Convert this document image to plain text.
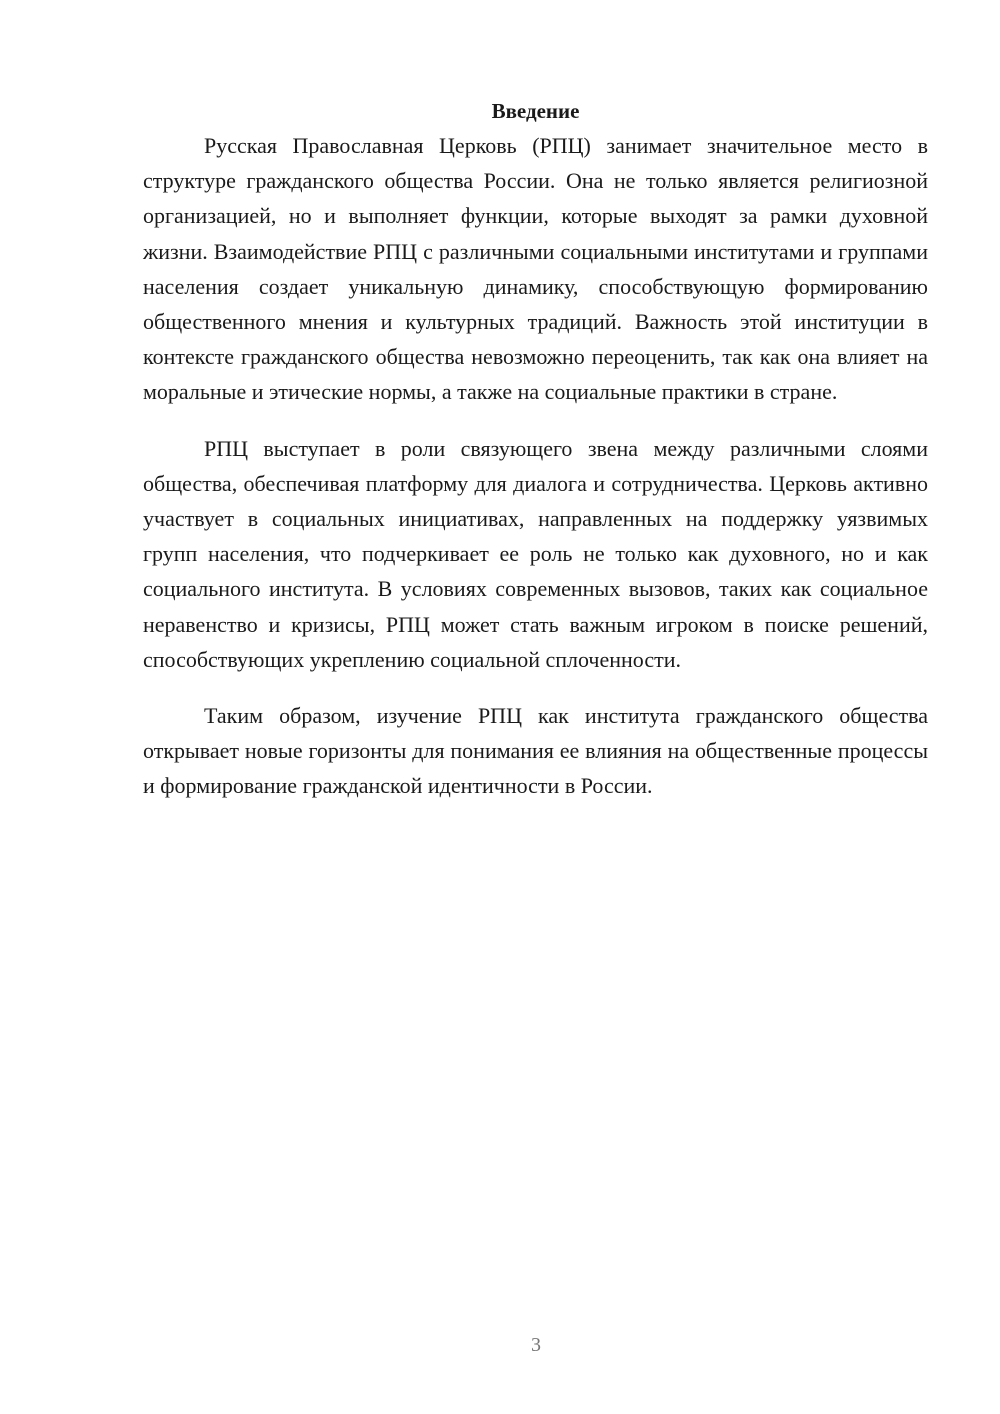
Введение

Русская Православная Церковь (РПЦ) занимает значительное место в структуре гражданского общества России. Она не только является религиозной организацией, но и выполняет функции, которые выходят за рамки духовной жизни. Взаимодействие РПЦ с различными социальными институтами и группами населения создает уникальную динамику, способствующую формированию общественного мнения и культурных традиций. Важность этой институции в контексте гражданского общества невозможно переоценить, так как она влияет на моральные и этические нормы, а также на социальные практики в стране.

РПЦ выступает в роли связующего звена между различными слоями общества, обеспечивая платформу для диалога и сотрудничества. Церковь активно участвует в социальных инициативах, направленных на поддержку уязвимых групп населения, что подчеркивает ее роль не только как духовного, но и как социального института. В условиях современных вызовов, таких как социальное неравенство и кризисы, РПЦ может стать важным игроком в поиске решений, способствующих укреплению социальной сплоченности.

Таким образом, изучение РПЦ как института гражданского общества открывает новые горизонты для понимания ее влияния на общественные процессы и формирование гражданской идентичности в России.

3
